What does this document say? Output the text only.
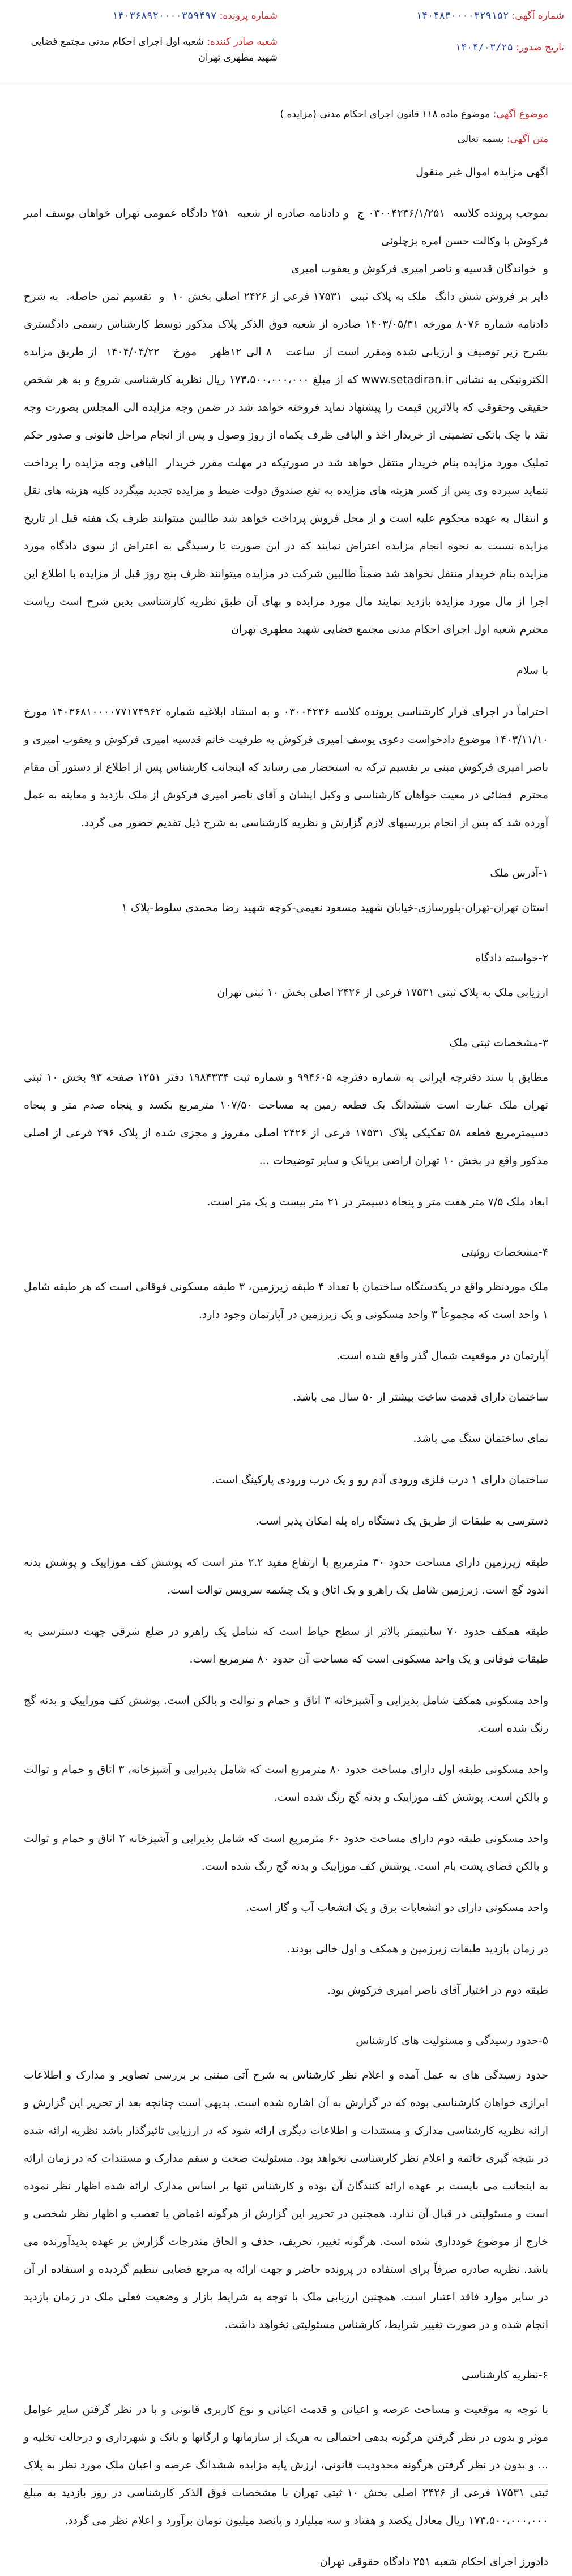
شماره آگهی: ۱۴۰۴۸۳۰۰۰۰۳۲۹۱۵۲
شماره پرونده: ۱۴۰۳۶۸۹۲۰۰۰۰۳۵۹۴۹۷
تاریخ صدور: ۱۴۰۴/۰۳/۲۵
شعبه صادر کننده: شعبه اول اجرای احکام مدنی مجتمع قضایی شهید مطهری تهران
موضوع آگهی: موضوع ماده ۱۱۸ قانون اجرای احکام مدنی (مزایده )
متن آگهی: بسمه تعالی
اگهی مزایده اموال غیر منقول
بموجب پرونده کلاسه  ۰۳۰۰۴۲۳۶/۱/۲۵۱ ج  و دادنامه صادره از شعبه  ۲۵۱ دادگاه عمومی تهران خواهان یوسف امیر فرکوش با وکالت حسن امره بزچلوئی
و  خواندگان قدسیه و ناصر امیری فرکوش و یعقوب امیری
دایر بر فروش شش دانگ  ملک به پلاک ثبتی  ۱۷۵۳۱ فرعی از ۲۴۲۶ اصلی بخش ۱۰  و  تقسیم ثمن حاصله.  به شرح دادنامه شماره ۸۰۷۶ مورخه ۱۴۰۳/۰۵/۳۱ صادره از شعبه فوق الذکر پلاک مذکور توسط کارشناس رسمی دادگستری بشرح زیر توصیف و ارزیابی شده ومقرر است از  ساعت   ۸ الی ۱۲ظهر   مورخ   ۱۴۰۴/۰۴/۲۲  از طریق مزایده الکترونیکی به نشانی www.setadiran.ir که از مبلغ ۱۷۳،۵۰۰،۰۰۰،۰۰۰ ریال نظریه کارشناسی شروع و به هر شخص حقیقی وحقوقی که بالاترین قیمت را پیشنهاد نماید فروخته خواهد شد در ضمن وجه مزایده الی المجلس بصورت وجه نقد یا چک بانکی تضمینی از خریدار اخذ و الباقی ظرف یکماه از روز وصول و پس از انجام مراحل قانونی و صدور حکم تملیک مورد مزایده بنام خریدار منتقل خواهد شد در صورتیکه در مهلت مقرر خریدار  الباقی وجه مزایده را پرداخت ننماید سپرده وی پس از کسر هزینه های مزایده به نفع صندوق دولت ضبط و مزایده تجدید میگردد کلیه هزینه های نقل و انتقال به عهده محکوم علیه است و از محل فروش پرداخت خواهد شد طالبین میتوانند ظرف یک هفته قبل از تاریخ مزایده نسبت به نحوه انجام مزایده اعتراض نمایند که در این صورت تا رسیدگی به اعتراض از سوی دادگاه مورد مزایده بنام خریدار منتقل نخواهد شد ضمناً طالبین شرکت در مزایده میتوانند ظرف پنج روز قبل از مزایده با اطلاع این اجرا از مال مورد مزایده بازدید نمایند مال مورد مزایده و بهای آن طبق نظریه کارشناسی بدین شرح است ریاست محترم شعبه اول اجرای احکام مدنی مجتمع قضایی شهید مطهری تهران
با سلام
احتراماً در اجرای قرار کارشناسی پرونده کلاسه ۰۳۰۰۴۲۳۶ و به استناد ابلاغیه شماره ۱۴۰۳۶۸۱۰۰۰۰۷۷۱۷۴۹۶۲ مورخ ۱۴۰۳/۱۱/۱۰ موضوع دادخواست دعوی یوسف امیری فرکوش به طرفیت خانم قدسیه امیری فرکوش و یعقوب امیری و ناصر امیری فرکوش مبنی بر تقسیم ترکه به استحضار می رساند که اینجانب کارشناس پس از اطلاع از دستور آن مقام محترم  قضائی در معیت خواهان کارشناسی و وکیل ایشان و آقای ناصر امیری فرکوش از ملک بازدید و معاینه به عمل آورده شد که پس از انجام بررسیهای لازم گزارش و نظریه کارشناسی به شرح ذیل تقدیم حضور می گردد.
۱-آدرس ملک
استان تهران-تهران-بلورسازی-خیابان شهید مسعود نعیمی-کوچه شهید رضا محمدی سلوط-پلاک ۱
۲-خواسته دادگاه
ارزیابی ملک به پلاک ثبتی ۱۷۵۳۱ فرعی از ۲۴۲۶ اصلی بخش ۱۰ ثبتی تهران
۳-مشخصات ثبتی ملک
مطابق با سند دفترچه ایرانی به شماره دفترچه ۹۹۴۶۰۵ و شماره ثبت ۱۹۸۴۳۳۴ دفتر ۱۲۵۱ صفحه ۹۳ بخش ۱۰ ثبتی تهران ملک عبارت است ششدانگ یک قطعه زمین به مساحت ۱۰۷/۵۰ مترمربع بکسد و پنجاه صدم متر و پنجاه دسیمترمربع قطعه ۵۸ تفکیکی پلاک ۱۷۵۳۱ فرعی از ۲۴۲۶ اصلی مفروز و مجزی شده از پلاک ۲۹۶ فرعی از اصلی مذکور واقع در بخش ۱۰ تهران اراضی بریانک و سایر توضیحات ...
ابعاد ملک ۷/۵ متر هفت متر و پنجاه دسیمتر در ۲۱ متر بیست و یک متر است.
۴-مشخصات روئیتی
ملک موردنظر واقع در یکدستگاه ساختمان با تعداد ۴ طبقه زیرزمین، ۳ طبقه مسکونی فوقانی است که هر طبقه شامل ۱ واحد است که مجموعاً ۳ واحد مسکونی و یک زیرزمین در آپارتمان وجود دارد.
آپارتمان در موقعیت شمال گذر واقع شده است.
ساختمان دارای قدمت ساخت بیشتر از ۵۰ سال می باشد.
نمای ساختمان سنگ می باشد.
ساختمان دارای ۱ درب فلزی ورودی آدم رو و یک درب ورودی پارکینگ است.
دسترسی به طبقات از طریق یک دستگاه راه پله امکان پذیر است.
طبقه زیرزمین دارای مساحت حدود ۳۰ مترمربع با ارتفاع مفید ۲.۲ متر است که پوشش کف موزاییک و پوشش بدنه اندود گچ است. زیرزمین شامل یک راهرو و یک اتاق و یک چشمه سرویس توالت است.
طبقه همکف حدود ۷۰ سانتیمتر بالاتر از سطح حیاط است که شامل یک راهرو در ضلع شرقی جهت دسترسی به طبقات فوقانی و یک واحد مسکونی است که مساحت آن حدود ۸۰ مترمربع است.
واحد مسکونی همکف شامل پذیرایی و آشپزخانه ۳ اتاق و حمام و توالت و بالکن است. پوشش کف موزاییک و بدنه گچ رنگ شده است.
واحد مسکونی طبقه اول دارای مساحت حدود ۸۰ مترمربع است که شامل پذیرایی و آشپزخانه، ۳ اتاق و حمام و توالت و بالکن است. پوشش کف موزاییک و بدنه گچ رنگ شده است.
واحد مسکونی طبقه دوم دارای مساحت حدود ۶۰ مترمربع است که شامل پذیرایی و آشپزخانه ۲ اتاق و حمام و توالت و بالکن فضای پشت بام است. پوشش کف موزاییک و بدنه گچ رنگ شده است.
واحد مسکونی دارای دو انشعابات برق و یک انشعاب آب و گاز است.
در زمان بازدید طبقات زیرزمین و همکف و اول خالی بودند.
طبقه دوم در اختیار آقای ناصر امیری فرکوش بود.
۵-حدود رسیدگی و مسئولیت های کارشناس
حدود رسیدگی های به عمل آمده و اعلام نظر کارشناس به شرح آتی مبتنی بر بررسی تصاویر و مدارک و اطلاعات ابرازی خواهان کارشناسی بوده که در گزارش به آن اشاره شده است. بدیهی است چنانچه بعد از تحریر این گزارش و ارائه نظریه کارشناسی مدارک و مستندات و اطلاعات دیگری ارائه شود که در ارزیابی تاثیرگذار باشد نظریه ارائه شده در نتیجه گیری خاتمه و اعلام نظر کارشناسی نخواهد بود. مسئولیت صحت و سقم مدارک و مستندات که در زمان ارائه به اینجانب می بایست بر عهده ارائه کنندگان آن بوده و کارشناس تنها بر اساس مدارک ارائه شده اظهار نظر نموده است و مسئولیتی در قبال آن ندارد. همچنین در تحریر این گزارش از هرگونه اغماض یا تعصب و اظهار نظر شخصی و خارج از موضوع خودداری شده است. هرگونه تغییر، تحریف، حذف و الحاق مندرجات گزارش بر عهده پدیدآورنده می باشد. نظریه صادره صرفاً برای استفاده در پرونده حاضر و جهت ارائه به مرجع قضایی تنظیم گردیده و استفاده از آن در سایر موارد فاقد اعتبار است. همچنین ارزیابی ملک با توجه به شرایط بازار و وضعیت فعلی ملک در زمان بازدید انجام شده و در صورت تغییر شرایط، کارشناس مسئولیتی نخواهد داشت.
۶-نظریه کارشناسی
با توجه به موقعیت و مساحت عرصه و اعیانی و قدمت اعیانی و نوع کاربری قانونی و با در نظر گرفتن سایر عوامل موثر و بدون در نظر گرفتن هرگونه بدهی احتمالی به هریک از سازمانها و ارگانها و بانک و شهرداری و درحالت تخلیه و ... و بدون در نظر گرفتن هرگونه محدودیت قانونی، ارزش پایه مزایده ششدانگ عرصه و اعیان ملک مورد نظر به پلاک ثبتی ۱۷۵۳۱ فرعی از ۲۴۲۶ اصلی بخش ۱۰ ثبتی تهران با مشخصات فوق الذکر کارشناسی در روز بازدید به مبلغ ۱۷۳،۵۰۰،۰۰۰،۰۰۰ ریال معادل یکصد و هفتاد و سه میلیارد و پانصد میلیون تومان برآورد و اعلام نظر می گردد.
دادورز اجرای احکام شعبه ۲۵۱ دادگاه حقوقی تهران
